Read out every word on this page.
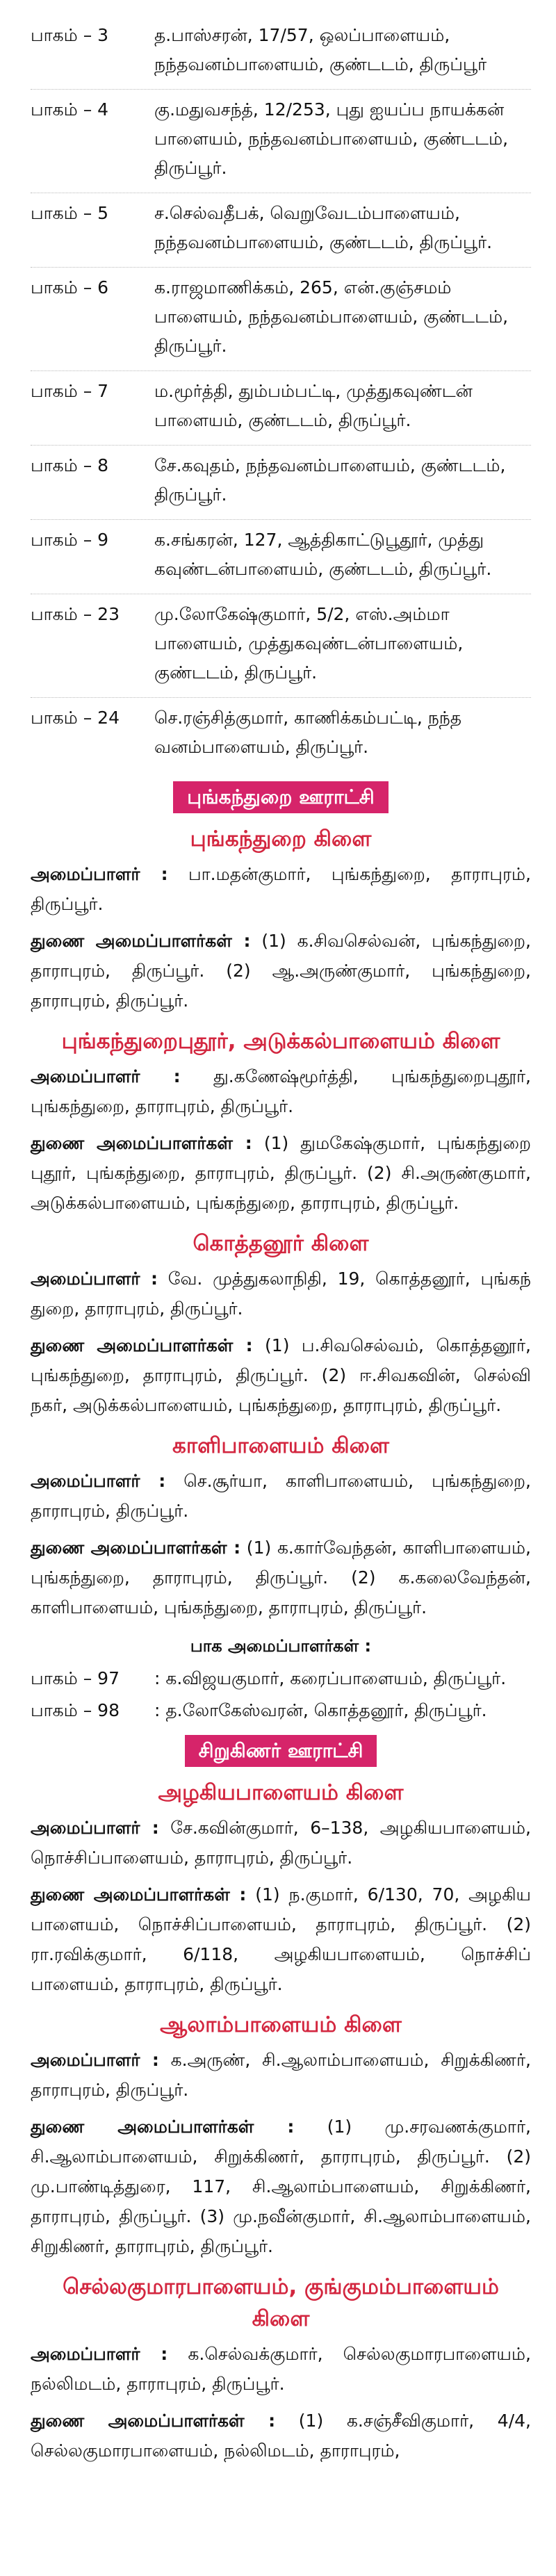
பாகம் – 3	த.பாஸ்சரன், 17/57, ஒலப்பாளையம், நந்தவனம்பாளையம், குண்டடம், திருப்பூர்
பாகம் – 4	கு.மதுவசந்த், 12/253, புது ஐயப்ப நாயக்கன் பாளையம், நந்தவனம்பாளையம், குண்டடம், திருப்பூர்.
பாகம் – 5	ச.செல்வதீபக், வெறுவேடம்பாளையம், நந்தவனம்பாளையம், குண்டடம், திருப்பூர்.
பாகம் – 6	க.ராஜமாணிக்கம், 265, என்.குஞ்சமம் பாளையம், நந்தவனம்பாளையம், குண்டடம், திருப்பூர்.
பாகம் – 7	ம.மூர்த்தி, தும்பம்பட்டி, முத்துகவுண்டன் பாளையம், குண்டடம், திருப்பூர்.
பாகம் – 8	சே.கவுதம், நந்தவனம்பாளையம், குண்டடம், திருப்பூர்.
பாகம் – 9	க.சங்கரன், 127, ஆத்திகாட்டுபூதூர், முத்து கவுண்டன்பாளையம், குண்டடம், திருப்பூர்.
பாகம் – 23	மு.லோகேஷ்குமார், 5/2, எஸ்.அம்மா பாளையம், முத்துகவுண்டன்பாளையம், குண்டடம், திருப்பூர்.
பாகம் – 24	செ.ரஞ்சித்குமார், காணிக்கம்பட்டி, நந்த வனம்பாளையம், திருப்பூர்.
புங்கந்துறை ஊராட்சி
புங்கந்துறை கிளை

அமைப்பாளர் : பா.மதன்குமார், புங்கந்துறை, தாராபுரம், திருப்பூர்.

துணை அமைப்பாளர்கள் : (1) க.சிவசெல்வன், புங்கந்துறை, தாராபுரம், திருப்பூர். (2) ஆ.அருண்குமார், புங்கந்துறை, தாராபுரம், திருப்பூர்.

புங்கந்துறைபுதூர், அடுக்கல்பாளையம் கிளை

அமைப்பாளர் : து.கணேஷ்மூர்த்தி, புங்கந்துறைபுதூர், புங்கந்துறை, தாராபுரம், திருப்பூர்.

துணை அமைப்பாளர்கள் : (1) துமகேஷ்குமார், புங்கந்துறை புதூர், புங்கந்துறை, தாராபுரம், திருப்பூர். (2) சி.அருண்குமார், அடுக்கல்பாளையம், புங்கந்துறை, தாராபுரம், திருப்பூர்.

கொத்தனூர் கிளை

அமைப்பாளர் : வே. முத்துகலாநிதி, 19, கொத்தனூர், புங்கந் துறை, தாராபுரம், திருப்பூர்.

துணை அமைப்பாளர்கள் : (1) ப.சிவசெல்வம், கொத்தனூர், புங்கந்துறை, தாராபுரம், திருப்பூர். (2) ஈ.சிவகவின், செல்வி நகர், அடுக்கல்பாளையம், புங்கந்துறை, தாராபுரம், திருப்பூர்.

காளிபாளையம் கிளை

அமைப்பாளர் : செ.சூர்யா, காளிபாளையம், புங்கந்துறை, தாராபுரம், திருப்பூர்.

துணை அமைப்பாளர்கள் : (1) க.கார்வேந்தன், காளிபாளையம், புங்கந்துறை, தாராபுரம், திருப்பூர். (2) க.கலைவேந்தன், காளிபாளையம், புங்கந்துறை, தாராபுரம், திருப்பூர்.

பாக அமைப்பாளர்கள் :
பாகம் – 97	: க.விஜயகுமார், கரைப்பாளையம், திருப்பூர்.
பாகம் – 98	: த.லோகேஸ்வரன், கொத்தனூர், திருப்பூர்.
சிறுகிணர் ஊராட்சி
அழகியபாளையம் கிளை

அமைப்பாளர் : சே.கவின்குமார், 6–138, அழகியபாளையம், நொச்சிப்பாளையம், தாராபுரம், திருப்பூர்.

துணை அமைப்பாளர்கள் : (1) ந.குமார், 6/130, 70, அழகிய பாளையம், நொச்சிப்பாளையம், தாராபுரம், திருப்பூர். (2) ரா.ரவிக்குமார், 6/118, அழகியபாளையம், நொச்சிப் பாளையம், தாராபுரம், திருப்பூர்.

ஆலாம்பாளையம் கிளை

அமைப்பாளர் : க.அருண், சி.ஆலாம்பாளையம், சிறுக்கிணர், தாராபுரம், திருப்பூர்.

துணை அமைப்பாளர்கள் : (1) மு.சரவணக்குமார், சி.ஆலாம்பாளையம், சிறுக்கிணர், தாராபுரம், திருப்பூர். (2) மு.பாண்டித்துரை, 117, சி.ஆலாம்பாளையம், சிறுக்கிணர், தாராபுரம், திருப்பூர். (3) மு.நவீன்குமார், சி.ஆலாம்பாளையம், சிறுகிணர், தாராபுரம், திருப்பூர்.

செல்லகுமாரபாளையம், குங்குமம்பாளையம் கிளை

அமைப்பாளர் : க.செல்வக்குமார், செல்லகுமாரபாளையம், நல்லிமடம், தாராபுரம், திருப்பூர்.

துணை அமைப்பாளர்கள் : (1) க.சஞ்சீவிகுமார், 4/4, செல்லகுமாரபாளையம், நல்லிமடம், தாராபுரம்,
